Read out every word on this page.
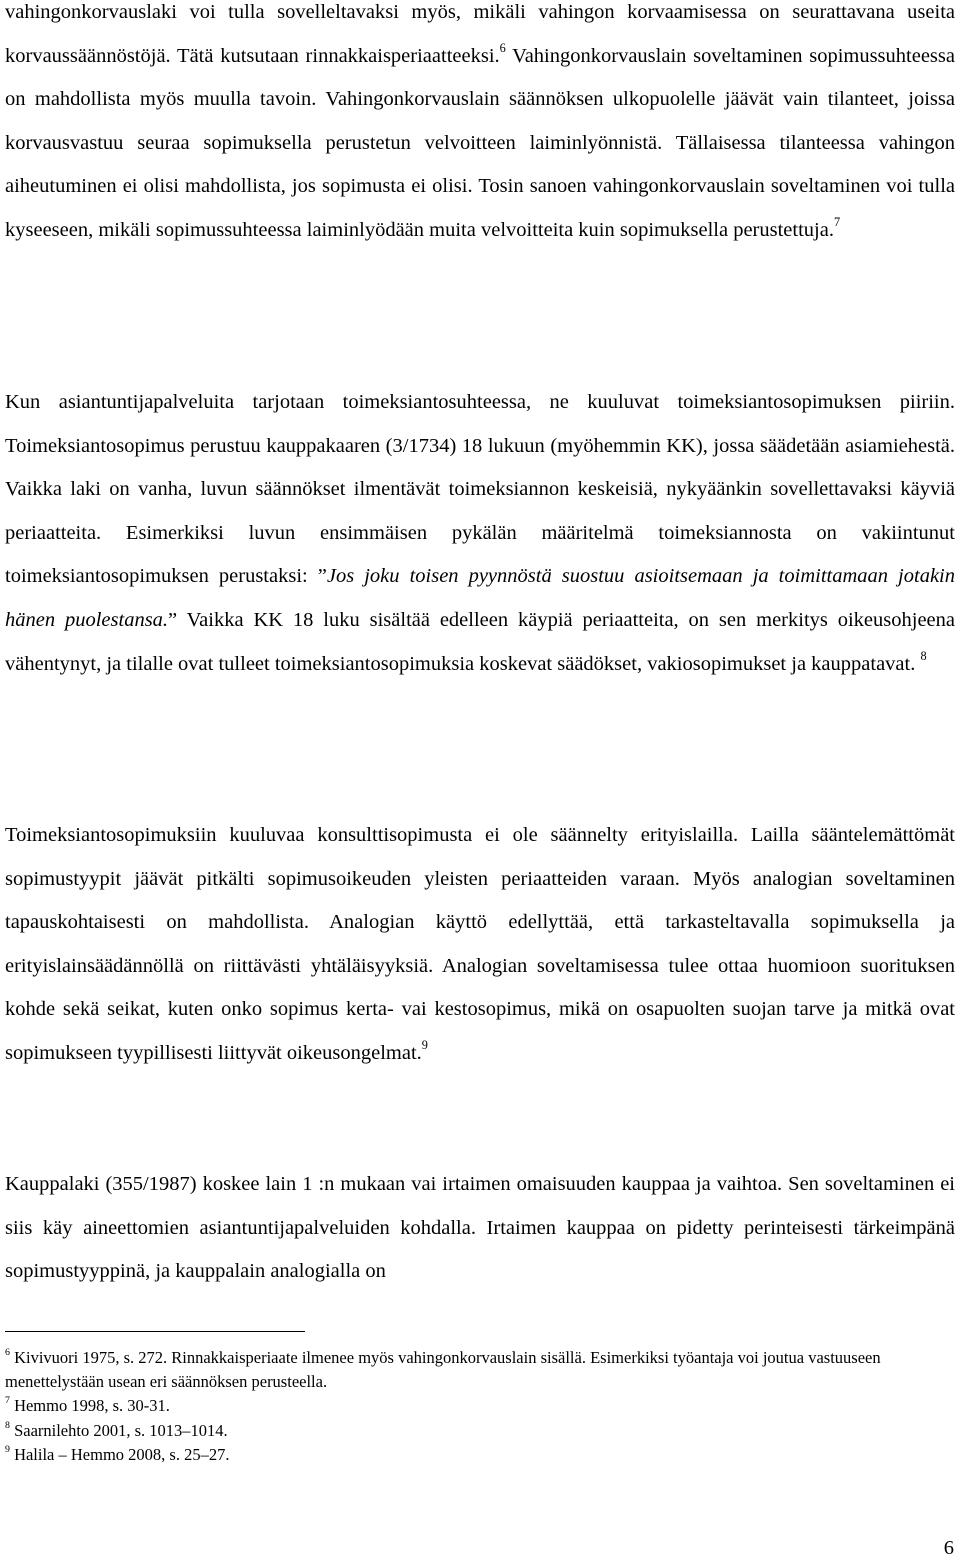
vahingonkorvauslaki voi tulla sovelleltavaksi myös, mikäli vahingon korvaamisessa on seurattavana useita korvaussäännöstöjä. Tätä kutsutaan rinnakkaisperiaatteeksi.$^6$ Vahingonkorvauslain soveltaminen sopimussuhteessa on mahdollista myös muulla tavoin. Vahingonkorvauslain säännöksen ulkopuolelle jäävät vain tilanteet, joissa korvausvastuu seuraa sopimuksella perustetun velvoitteen laiminlyönnistä. Tällaisessa tilanteessa vahingon aiheutuminen ei olisi mahdollista, jos sopimusta ei olisi. Tosin sanoen vahingonkorvauslain soveltaminen voi tulla kyseeseen, mikäli sopimussuhteessa laiminlyödään muita velvoitteita kuin sopimuksella perustettuja.$^7$

Kun asiantuntijapalveluita tarjotaan toimeksiantosuhteessa, ne kuuluvat toimeksiantosopimuksen piiriin. Toimeksiantosopimus perustuu kauppakaaren (3/1734) 18 lukuun (myöhemmin KK), jossa säädetään asiamiehestä. Vaikka laki on vanha, luvun säännökset ilmentävät toimeksiannon keskeisiä, nykyäänkin sovellettavaksi käyviä periaatteita. Esimerkiksi luvun ensimmäisen pykälän määritelmä toimeksiannosta on vakiintunut toimeksiantosopimuksen perustaksi: ”Jos joku toisen pyynnöstä suostuu asioitsemaan ja toimittamaan jotakin hänen puolestansa.” Vaikka KK 18 luku sisältää edelleen käypiä periaatteita, on sen merkitys oikeusohjeena vähentynyt, ja tilalle ovat tulleet toimeksiantosopimuksia koskevat säädökset, vakiosopimukset ja kauppatavat. $^8$

Toimeksiantosopimuksiin kuuluvaa konsulttisopimusta ei ole säännelty erityislailla. Lailla sääntelemättömät sopimustyypit jäävät pitkälti sopimusoikeuden yleisten periaatteiden varaan. Myös analogian soveltaminen tapauskohtaisesti on mahdollista. Analogian käyttö edellyttää, että tarkasteltavalla sopimuksella ja erityislainsäädännöllä on riittävästi yhtäläisyyksiä. Analogian soveltamisessa tulee ottaa huomioon suorituksen kohde sekä seikat, kuten onko sopimus kerta- vai kestosopimus, mikä on osapuolten suojan tarve ja mitkä ovat sopimukseen tyypillisesti liittyvät oikeusongelmat.$^9$

Kauppalaki (355/1987) koskee lain 1 :n mukaan vai irtaimen omaisuuden kauppaa ja vaihtoa. Sen soveltaminen ei siis käy aineettomien asiantuntijapalveluiden kohdalla. Irtaimen kauppaa on pidetty perinteisesti tärkeimpänä sopimustyyppinä, ja kauppalain analogialla on

$^6$ Kivivuori 1975, s. 272. Rinnakkaisperiaate ilmenee myös vahingonkorvauslain sisällä. Esimerkiksi työantaja voi joutua vastuuseen menettelystään usean eri säännöksen perusteella.

$^7$ Hemmo 1998, s. 30-31.

$^8$ Saarnilehto 2001, s. 1013–1014.

$^9$ Halila – Hemmo 2008, s. 25–27.

6
